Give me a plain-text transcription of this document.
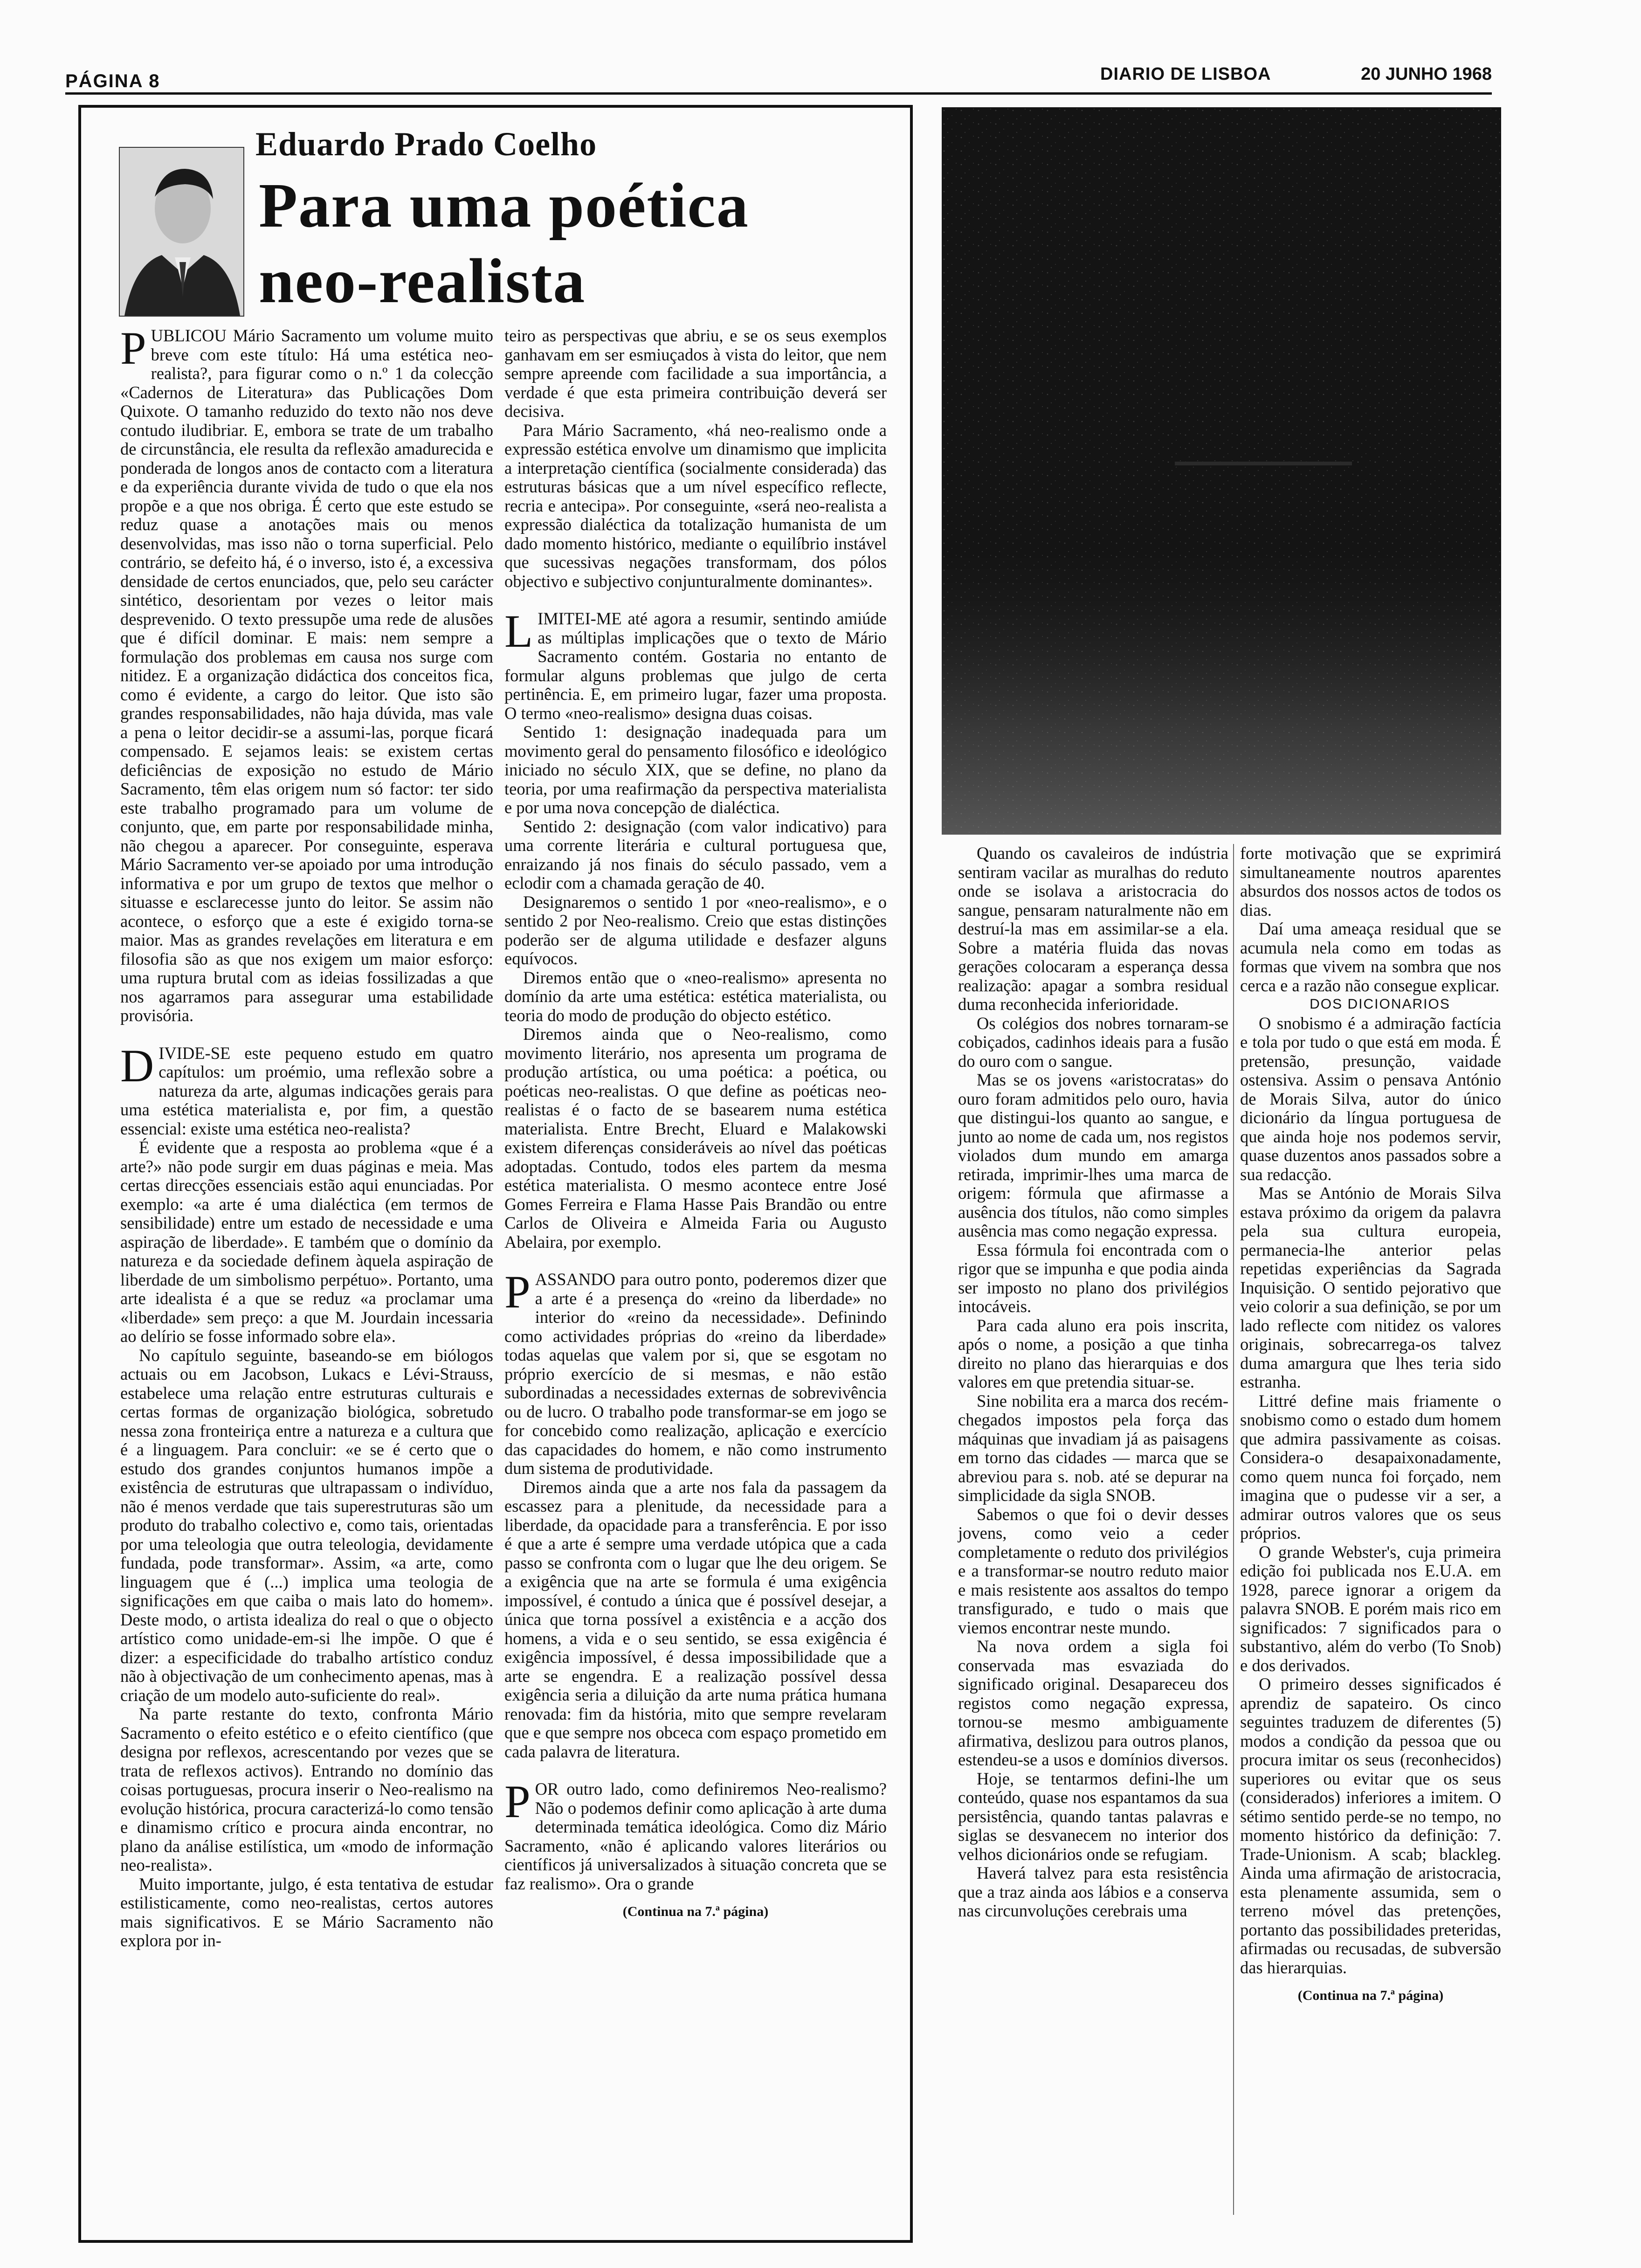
PÁGINA 8	DIARIO DE LISBOA	20 JUNHO 1968
Eduardo Prado Coelho
Para uma poética neo-realista

PUBLICOU Mário Sacramento um volume muito breve com este título: Há uma estética neo-realista?, para figurar como o n.º 1 da colecção «Cadernos de Literatura» das Publicações Dom Quixote. O tamanho reduzido do texto não nos deve contudo iludibriar. E, embora se trate de um trabalho de circunstância, ele resulta da reflexão amadurecida e ponderada de longos anos de contacto com a literatura e da experiência durante vivida de tudo o que ela nos propõe e a que nos obriga. É certo que este estudo se reduz quase a anotações mais ou menos desenvolvidas, mas isso não o torna superficial. Pelo contrário, se defeito há, é o inverso, isto é, a excessiva densidade de certos enunciados, que, pelo seu carácter sintético, desorientam por vezes o leitor mais desprevenido. O texto pressupõe uma rede de alusões que é difícil dominar. E mais: nem sempre a formulação dos problemas em causa nos surge com nitidez. E a organização didáctica dos conceitos fica, como é evidente, a cargo do leitor. Que isto são grandes responsabilidades, não haja dúvida, mas vale a pena o leitor decidir-se a assumi-las, porque ficará compensado. E sejamos leais: se existem certas deficiências de exposição no estudo de Mário Sacramento, têm elas origem num só factor: ter sido este trabalho programado para um volume de conjunto, que, em parte por responsabilidade minha, não chegou a aparecer. Por conseguinte, esperava Mário Sacramento ver-se apoiado por uma introdução informativa e por um grupo de textos que melhor o situasse e esclarecesse junto do leitor. Se assim não acontece, o esforço que a este é exigido torna-se maior. Mas as grandes revelações em literatura e em filosofia são as que nos exigem um maior esforço: uma ruptura brutal com as ideias fossilizadas a que nos agarramos para assegurar uma estabilidade provisória.

DIVIDE-SE este pequeno estudo em quatro capítulos: um proémio, uma reflexão sobre a natureza da arte, algumas indicações gerais para uma estética materialista e, por fim, a questão essencial: existe uma estética neo-realista?

É evidente que a resposta ao problema «que é a arte?» não pode surgir em duas páginas e meia. Mas certas direcções essenciais estão aqui enunciadas. Por exemplo: «a arte é uma dialéctica (em termos de sensibilidade) entre um estado de necessidade e uma aspiração de liberdade». E também que o domínio da natureza e da sociedade definem àquela aspiração de liberdade de um simbolismo perpétuo». Portanto, uma arte idealista é a que se reduz «a proclamar uma «liberdade» sem preço: a que M. Jourdain incessaria ao delírio se fosse informado sobre ela».

No capítulo seguinte, baseando-se em biólogos actuais ou em Jacobson, Lukacs e Lévi-Strauss, estabelece uma relação entre estruturas culturais e certas formas de organização biológica, sobretudo nessa zona fronteiriça entre a natureza e a cultura que é a linguagem. Para concluir: «e se é certo que o estudo dos grandes conjuntos humanos impõe a existência de estruturas que ultrapassam o indivíduo, não é menos verdade que tais superestruturas são um produto do trabalho colectivo e, como tais, orientadas por uma teleologia que outra teleologia, devidamente fundada, pode transformar». Assim, «a arte, como linguagem que é (...) implica uma teologia de significações em que caiba o mais lato do homem». Deste modo, o artista idealiza do real o que o objecto artístico como unidade-em-si lhe impõe. O que é dizer: a especificidade do trabalho artístico conduz não à objectivação de um conhecimento apenas, mas à criação de um modelo auto-suficiente do real».

Na parte restante do texto, confronta Mário Sacramento o efeito estético e o efeito científico (que designa por reflexos, acrescentando por vezes que se trata de reflexos activos). Entrando no domínio das coisas portuguesas, procura inserir o Neo-realismo na evolução histórica, procura caracterizá-lo como tensão e dinamismo crítico e procura ainda encontrar, no plano da análise estilística, um «modo de informação neo-realista».

Muito importante, julgo, é esta tentativa de estudar estilisticamente, como neo-realistas, certos autores mais significativos. E se Mário Sacramento não explora por in-

teiro as perspectivas que abriu, e se os seus exemplos ganhavam em ser esmiuçados à vista do leitor, que nem sempre apreende com facilidade a sua importância, a verdade é que esta primeira contribuição deverá ser decisiva.

Para Mário Sacramento, «há neo-realismo onde a expressão estética envolve um dinamismo que implicita a interpretação científica (socialmente considerada) das estruturas básicas que a um nível específico reflecte, recria e antecipa». Por conseguinte, «será neo-realista a expressão dialéctica da totalização humanista de um dado momento histórico, mediante o equilíbrio instável que sucessivas negações transformam, dos pólos objectivo e subjectivo conjunturalmente dominantes».

LIMITEI-ME até agora a resumir, sentindo amiúde as múltiplas implicações que o texto de Mário Sacramento contém. Gostaria no entanto de formular alguns problemas que julgo de certa pertinência. E, em primeiro lugar, fazer uma proposta. O termo «neo-realismo» designa duas coisas.

Sentido 1: designação inadequada para um movimento geral do pensamento filosófico e ideológico iniciado no século XIX, que se define, no plano da teoria, por uma reafirmação da perspectiva materialista e por uma nova concepção de dialéctica.

Sentido 2: designação (com valor indicativo) para uma corrente literária e cultural portuguesa que, enraizando já nos finais do século passado, vem a eclodir com a chamada geração de 40.

Designaremos o sentido 1 por «neo-realismo», e o sentido 2 por Neo-realismo. Creio que estas distinções poderão ser de alguma utilidade e desfazer alguns equívocos.

Diremos então que o «neo-realismo» apresenta no domínio da arte uma estética: estética materialista, ou teoria do modo de produção do objecto estético.

Diremos ainda que o Neo-realismo, como movimento literário, nos apresenta um programa de produção artística, ou uma poética: a poética, ou poéticas neo-realistas. O que define as poéticas neo-realistas é o facto de se basearem numa estética materialista. Entre Brecht, Eluard e Malakowski existem diferenças consideráveis ao nível das poéticas adoptadas. Contudo, todos eles partem da mesma estética materialista. O mesmo acontece entre José Gomes Ferreira e Flama Hasse Pais Brandão ou entre Carlos de Oliveira e Almeida Faria ou Augusto Abelaira, por exemplo.

PASSANDO para outro ponto, poderemos dizer que a arte é a presença do «reino da liberdade» no interior do «reino da necessidade». Definindo como actividades próprias do «reino da liberdade» todas aquelas que valem por si, que se esgotam no próprio exercício de si mesmas, e não estão subordinadas a necessidades externas de sobrevivência ou de lucro. O trabalho pode transformar-se em jogo se for concebido como realização, aplicação e exercício das capacidades do homem, e não como instrumento dum sistema de produtividade.

Diremos ainda que a arte nos fala da passagem da escassez para a plenitude, da necessidade para a liberdade, da opacidade para a transferência. E por isso é que a arte é sempre uma verdade utópica que a cada passo se confronta com o lugar que lhe deu origem. Se a exigência que na arte se formula é uma exigência impossível, é contudo a única que é possível desejar, a única que torna possível a existência e a acção dos homens, a vida e o seu sentido, se essa exigência é exigência impossível, é dessa impossibilidade que a arte se engendra. E a realização possível dessa exigência seria a diluição da arte numa prática humana renovada: fim da história, mito que sempre revelaram que e que sempre nos obceca com espaço prometido em cada palavra de literatura.

POR outro lado, como definiremos Neo-realismo? Não o podemos definir como aplicação à arte duma determinada temática ideológica. Como diz Mário Sacramento, «não é aplicando valores literários ou científicos já universalizados à situação concreta que se faz realismo». Ora o grande

(Continua na 7.ª página)

Quando os cavaleiros de indústria sentiram vacilar as muralhas do reduto onde se isolava a aristocracia do sangue, pensaram naturalmente não em destruí-la mas em assimilar-se a ela. Sobre a matéria fluida das novas gerações colocaram a esperança dessa realização: apagar a sombra residual duma reconhecida inferioridade.

Os colégios dos nobres tornaram-se cobiçados, cadinhos ideais para a fusão do ouro com o sangue.

Mas se os jovens «aristocratas» do ouro foram admitidos pelo ouro, havia que distingui-los quanto ao sangue, e junto ao nome de cada um, nos registos violados dum mundo em amarga retirada, imprimir-lhes uma marca de origem: fórmula que afirmasse a ausência dos títulos, não como simples ausência mas como negação expressa.

Essa fórmula foi encontrada com o rigor que se impunha e que podia ainda ser imposto no plano dos privilégios intocáveis.

Para cada aluno era pois inscrita, após o nome, a posição a que tinha direito no plano das hierarquias e dos valores em que pretendia situar-se.

Sine nobilita era a marca dos recém-chegados impostos pela força das máquinas que invadiam já as paisagens em torno das cidades — marca que se abreviou para s. nob. até se depurar na simplicidade da sigla SNOB.

Sabemos o que foi o devir desses jovens, como veio a ceder completamente o reduto dos privilégios e a transformar-se noutro reduto maior e mais resistente aos assaltos do tempo transfigurado, e tudo o mais que viemos encontrar neste mundo.

Na nova ordem a sigla foi conservada mas esvaziada do significado original. Desapareceu dos registos como negação expressa, tornou-se mesmo ambiguamente afirmativa, deslizou para outros planos, estendeu-se a usos e domínios diversos.

Hoje, se tentarmos defini-lhe um conteúdo, quase nos espantamos da sua persistência, quando tantas palavras e siglas se desvanecem no interior dos velhos dicionários onde se refugiam.

Haverá talvez para esta resistência que a traz ainda aos lábios e a conserva nas circunvoluções cerebrais uma

forte motivação que se exprimirá simultaneamente noutros aparentes absurdos dos nossos actos de todos os dias.

Daí uma ameaça residual que se acumula nela como em todas as formas que vivem na sombra que nos cerca e a razão não consegue explicar.

DOS DICIONARIOS

O snobismo é a admiração factícia e tola por tudo o que está em moda. É pretensão, presunção, vaidade ostensiva. Assim o pensava António de Morais Silva, autor do único dicionário da língua portuguesa de que ainda hoje nos podemos servir, quase duzentos anos passados sobre a sua redacção.

Mas se António de Morais Silva estava próximo da origem da palavra pela sua cultura europeia, permanecia-lhe anterior pelas repetidas experiências da Sagrada Inquisição. O sentido pejorativo que veio colorir a sua definição, se por um lado reflecte com nitidez os valores originais, sobrecarrega-os talvez duma amargura que lhes teria sido estranha.

Littré define mais friamente o snobismo como o estado dum homem que admira passivamente as coisas. Considera-o desapaixonadamente, como quem nunca foi forçado, nem imagina que o pudesse vir a ser, a admirar outros valores que os seus próprios.

O grande Webster's, cuja primeira edição foi publicada nos E.U.A. em 1928, parece ignorar a origem da palavra SNOB. E porém mais rico em significados: 7 significados para o substantivo, além do verbo (To Snob) e dos derivados.

O primeiro desses significados é aprendiz de sapateiro. Os cinco seguintes traduzem de diferentes (5) modos a condição da pessoa que ou procura imitar os seus (reconhecidos) superiores ou evitar que os seus (considerados) inferiores a imitem. O sétimo sentido perde-se no tempo, no momento histórico da definição: 7. Trade-Unionism. A scab; blackleg. Ainda uma afirmação de aristocracia, esta plenamente assumida, sem o terreno móvel das pretenções, portanto das possibilidades preteridas, afirmadas ou recusadas, de subversão das hierarquias.

(Continua na 7.ª página)
